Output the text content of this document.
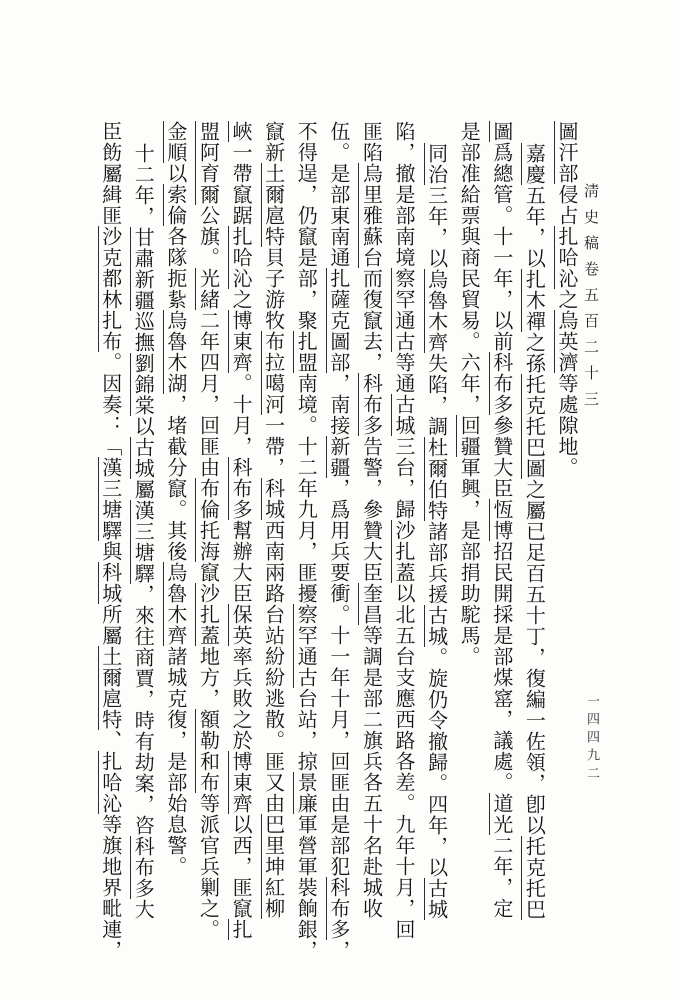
淸史稿卷五百二十三
一四四九二
圖汗部侵占扎哈沁之烏英濟等處隙地。
嘉慶五年，以扎木禪之孫托克托巴圖之屬已足百五十丁，復編一佐領，卽以托克托巴
圖爲總管。十一年，以前科布多參贊大臣恆博招民開採是部煤窰，議處。道光二年，定
是部准給票與商民貿易。六年，回疆軍興，是部捐助駝馬。
同治三年，以烏魯木齊失陷，調杜爾伯特諸部兵援古城。旋仍令撤歸。四年，以古城
陷，撤是部南境察罕通古等通古城三台，歸沙扎蓋以北五台支應西路各差。九年十月，回
匪陷烏里雅蘇台而復竄去，科布多告警，參贊大臣奎昌等調是部二旗兵各五十名赴城收
伍。是部東南通扎薩克圖部，南接新疆，爲用兵要衝。十一年十月，回匪由是部犯科布多，
不得逞，仍竄是部，聚扎盟南境。十二年九月，匪擾察罕通古台站，掠景廉軍營軍裝餉銀，
竄新土爾扈特貝子游牧布拉噶河一帶，科城西南兩路台站紛紛逃散。匪又由巴里坤紅柳
峽一帶竄踞扎哈沁之博東齊。十月，科布多幫辦大臣保英率兵敗之於博東齊以西，匪竄扎
盟阿育爾公旗。光緒二年四月，回匪由布倫托海竄沙扎蓋地方，額勒和布等派官兵剿之。
金順以索倫各隊扼紥烏魯木湖，堵截分竄。其後烏魯木齊諸城克復，是部始息警。
十二年，甘肅新疆巡撫劉錦棠以古城屬漢三塘驛，來往商賈，時有劫案，咨科布多大
臣飭屬緝匪沙克都林扎布。因奏：「漢三塘驛與科城所屬土爾扈特、扎哈沁等旗地界毗連，
